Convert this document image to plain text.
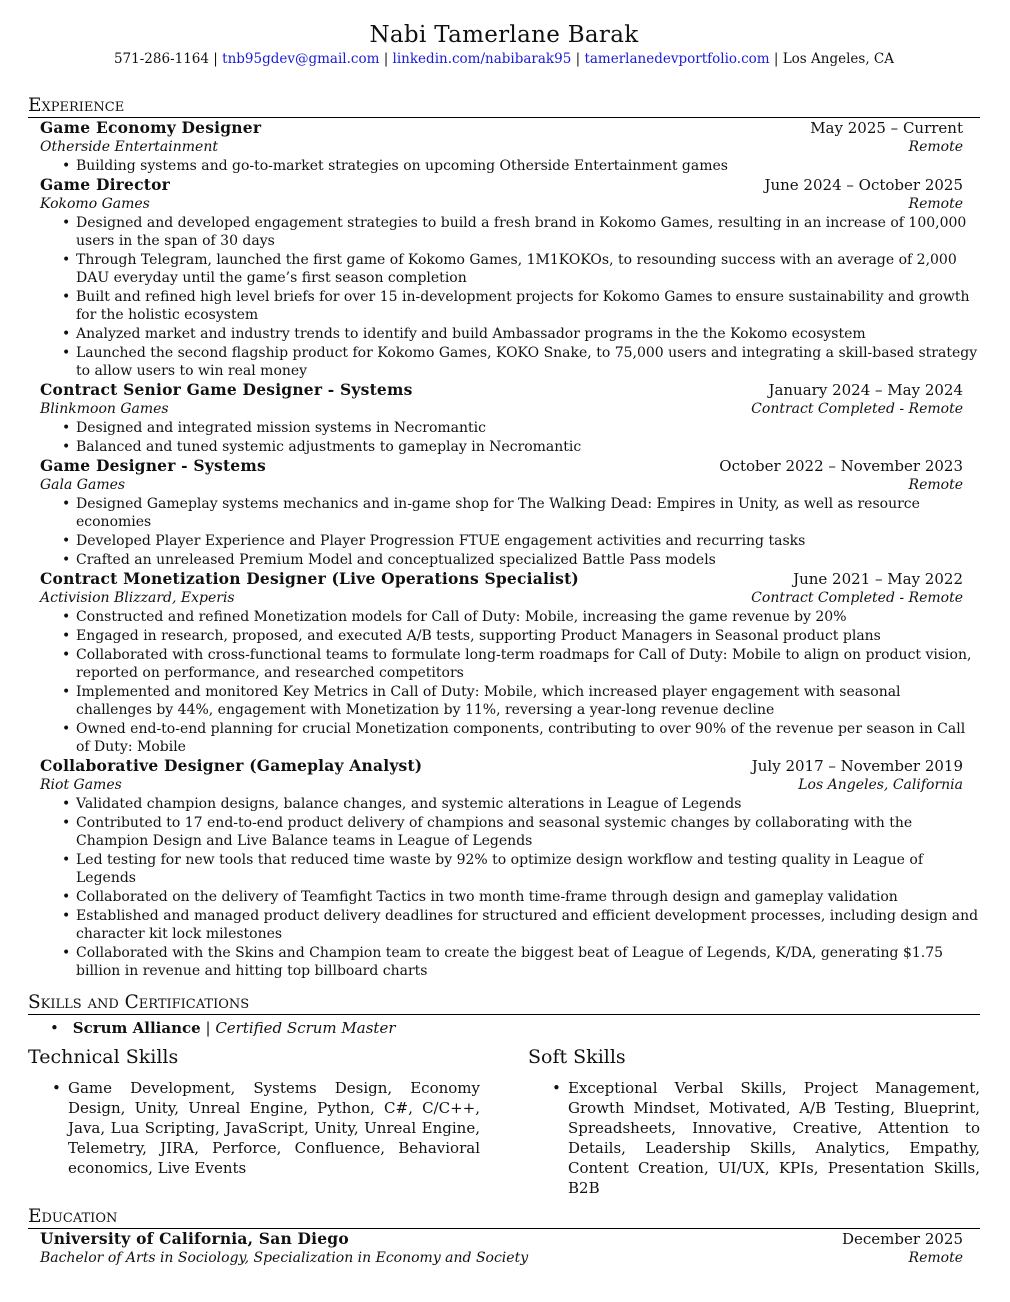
Nabi Tamerlane Barak
571-286-1164 | tnb95gdev@gmail.com | linkedin.com/nabibarak95 | tamerlanedevportfolio.com | Los Angeles, CA
Experience
Game Economy Designer	May 2025 – Current
Otherside Entertainment	Remote
• Building systems and go-to-market strategies on upcoming Otherside Entertainment games
Game Director	June 2024 – October 2025
Kokomo Games	Remote
• Designed and developed engagement strategies to build a fresh brand in Kokomo Games, resulting in an increase of 100,000 users in the span of 30 days
• Through Telegram, launched the first game of Kokomo Games, 1M1KOKOs, to resounding success with an average of 2,000 DAU everyday until the game’s first season completion
• Built and refined high level briefs for over 15 in-development projects for Kokomo Games to ensure sustainability and growth for the holistic ecosystem
• Analyzed market and industry trends to identify and build Ambassador programs in the the Kokomo ecosystem
• Launched the second flagship product for Kokomo Games, KOKO Snake, to 75,000 users and integrating a skill-based strategy to allow users to win real money
Contract Senior Game Designer - Systems	January 2024 – May 2024
Blinkmoon Games	Contract Completed - Remote
• Designed and integrated mission systems in Necromantic
• Balanced and tuned systemic adjustments to gameplay in Necromantic
Game Designer - Systems	October 2022 – November 2023
Gala Games	Remote
• Designed Gameplay systems mechanics and in-game shop for The Walking Dead: Empires in Unity, as well as resource economies
• Developed Player Experience and Player Progression FTUE engagement activities and recurring tasks
• Crafted an unreleased Premium Model and conceptualized specialized Battle Pass models
Contract Monetization Designer (Live Operations Specialist)	June 2021 – May 2022
Activision Blizzard, Experis	Contract Completed - Remote
• Constructed and refined Monetization models for Call of Duty: Mobile, increasing the game revenue by 20%
• Engaged in research, proposed, and executed A/B tests, supporting Product Managers in Seasonal product plans
• Collaborated with cross-functional teams to formulate long-term roadmaps for Call of Duty: Mobile to align on product vision, reported on performance, and researched competitors
• Implemented and monitored Key Metrics in Call of Duty: Mobile, which increased player engagement with seasonal challenges by 44%, engagement with Monetization by 11%, reversing a year-long revenue decline
• Owned end-to-end planning for crucial Monetization components, contributing to over 90% of the revenue per season in Call of Duty: Mobile
Collaborative Designer (Gameplay Analyst)	July 2017 – November 2019
Riot Games	Los Angeles, California
• Validated champion designs, balance changes, and systemic alterations in League of Legends
• Contributed to 17 end-to-end product delivery of champions and seasonal systemic changes by collaborating with the Champion Design and Live Balance teams in League of Legends
• Led testing for new tools that reduced time waste by 92% to optimize design workflow and testing quality in League of Legends
• Collaborated on the delivery of Teamfight Tactics in two month time-frame through design and gameplay validation
• Established and managed product delivery deadlines for structured and efficient development processes, including design and character kit lock milestones
• Collaborated with the Skins and Champion team to create the biggest beat of League of Legends, K/DA, generating $1.75 billion in revenue and hitting top billboard charts
Skills and Certifications
• Scrum Alliance | Certified Scrum Master
Technical Skills
• Game Development, Systems Design, Economy Design, Unity, Unreal Engine, Python, C#, C/C++, Java, Lua Scripting, JavaScript, Unity, Unreal Engine, Telemetry, JIRA, Perforce, Confluence, Behavioral economics, Live Events
Soft Skills
• Exceptional Verbal Skills, Project Management, Growth Mindset, Motivated, A/B Testing, Blueprint, Spreadsheets, Innovative, Creative, Attention to Details, Leadership Skills, Analytics, Empathy, Content Creation, UI/UX, KPIs, Presentation Skills, B2B
Education
University of California, San Diego	December 2025
Bachelor of Arts in Sociology, Specialization in Economy and Society	Remote
